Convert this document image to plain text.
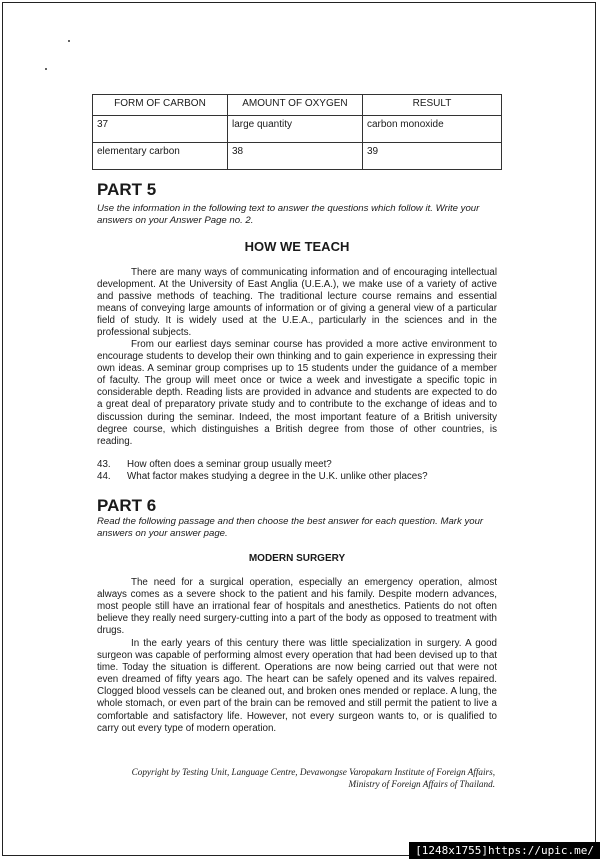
FORM OF CARBON	AMOUNT OF OXYGEN	RESULT
37	large quantity	carbon monoxide
elementary carbon	38	39
PART 5

Use the information in the following text to answer the questions which follow it. Write your answers on your Answer Page no. 2.

HOW WE TEACH

There are many ways of communicating information and of encouraging intellectual development. At the University of East Anglia (U.E.A.), we make use of a variety of active and passive methods of teaching. The traditional lecture course remains and essential means of conveying large amounts of information or of giving a general view of a particular field of study. It is widely used at the U.E.A., particularly in the sciences and in the professional subjects.

From our earliest days seminar course has provided a more active environment to encourage students to develop their own thinking and to gain experience in expressing their own ideas. A seminar group comprises up to 15 students under the guidance of a member of faculty. The group will meet once or twice a week and investigate a specific topic in considerable depth. Reading lists are provided in advance and students are expected to do a great deal of preparatory private study and to contribute to the exchange of ideas and to discussion during the seminar. Indeed, the most important feature of a British university degree course, which distinguishes a British degree from those of other countries, is reading.

43.	How often does a seminar group usually meet?
44.	What factor makes studying a degree in the U.K. unlike other places?
PART 6

Read the following passage and then choose the best answer for each question. Mark your answers on your answer page.

MODERN SURGERY

The need for a surgical operation, especially an emergency operation, almost always comes as a severe shock to the patient and his family. Despite modern advances, most people still have an irrational fear of hospitals and anesthetics. Patients do not often believe they really need surgery-cutting into a part of the body as opposed to treatment with drugs.

In the early years of this century there was little specialization in surgery. A good surgeon was capable of performing almost every operation that had been devised up to that time. Today the situation is different. Operations are now being carried out that were not even dreamed of fifty years ago. The heart can be safely opened and its valves repaired. Clogged blood vessels can be cleaned out, and broken ones mended or replace. A lung, the whole stomach, or even part of the brain can be removed and still permit the patient to live a comfortable and satisfactory life. However, not every surgeon wants to, or is qualified to carry out every type of modern operation.

Copyright by Testing Unit, Language Centre, Devawongse Varopakarn Institute of Foreign Affairs,
Ministry of Foreign Affairs of Thailand.
[1248x1755]https://upic.me/
